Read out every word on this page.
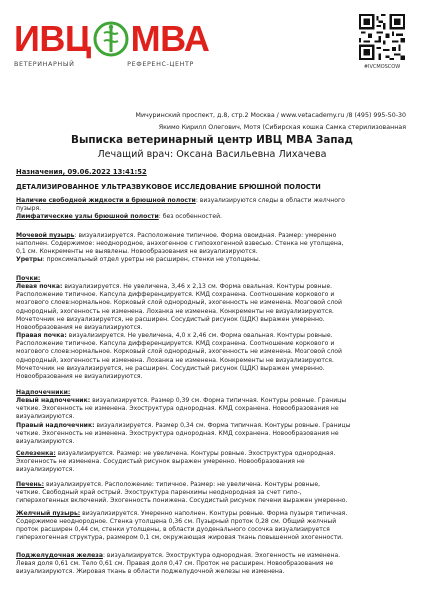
ИВЦ МВА
ВЕТЕРИНАРНЫЙ	РЕФЕРЕНС-ЦЕНТР	#IVCMOSCOW
Мичуринский проспект, д.8, стр.2 Москва / www.vetacademy.ru /8 (495) 995-50-30
Якимо Кирилл Олегович, Мотя (Сибирская кошка Самка стерилизованная
Выписка ветеринарный центр ИВЦ МВА Запад
Лечащий врач: Оксана Васильевна Лихачева
Назначения, 09.06.2022 13:41:52
ДЕТАЛИЗИРОВАННОЕ УЛЬТРАЗВУКОВОЕ ИССЛЕДОВАНИЕ БРЮШНОЙ ПОЛОСТИ
Наличие свободной жидкости в брюшной полости: визуализируются следы в области желчного
пузыря.
Лимфатические узлы брюшной полости: без особенностей.
Мочевой пузырь: визуализируется. Расположение типичное. Форма овоидная. Размер: умеренно
наполнен. Содержимое: неоднородное, анэхогенное с гипоэхогенной взвесью. Стенка не утолщена,
0,1 см. Конкременты не выявлены. Новообразования не визуализируются.
Уретры: проксимальный отдел уретры не расширен, стенки не утолщены.
Почки:
Левая почка: визуализируется. Не увеличена, 3,46 х 2,13 см. Форма овальная. Контуры ровные.
Расположение типичное. Капсула дифференцируется. КМД сохранена. Соотношение коркового и
мозгового слоев:нормальное. Корковый слой однородный, эхогенность не изменена. Мозговой слой
однородный, эхогенность не изменена. Лоханка не изменена. Конкременты не визуализируются.
Мочеточник не визуализируется, не расширен. Сосудистый рисунок (ЦДК) выражен умеренно.
Новообразования не визуализируются.
Правая почка: визуализируется. Не увеличена, 4,0 х 2,46 см. Форма овальная. Контуры ровные.
Расположение типичное. Капсула дифференцируется. КМД сохранена. Соотношение коркового и
мозгового слоев:нормальное. Корковый слой однородный, эхогенность не изменена. Мозговой слой
однородный, эхогенность не изменена. Лоханка не изменена. Конкременты не визуализируются.
Мочеточник не визуализируется, не расширен. Сосудистый рисунок (ЦДК) выражен умеренно.
Новообразования не визуализируются.
Надпочечники:
Левый надпочечник: визуализируется. Размер 0,39 см. Форма типичная. Контуры ровные. Границы
четкие. Эхогенность не изменена. Эхоструктура однородная. КМД сохранена. Новообразования не
визуализируются.
Правый надпочечник: визуализируется. Размер 0,34 см. Форма типичная. Контуры ровные. Границы
четкие. Эхогенность не изменена. Эхоструктура однородная. КМД сохранена. Новообразования не
визуализируются.
Селезенка: визуализируется. Размер: не увеличена. Контуры ровные. Эхоструктура однородная.
Эхогенность не изменена. Сосудистый рисунок выражен умеренно. Новообразования не
визуализируются.
Печень: визуализируется. Расположение: типичное. Размер: не увеличена. Контуры ровные,
четкие. Свободный край острый. Эхоструктура паренхимы неоднородная за счет гипо-,
гиперэхогенных включений. Эхогенность понижена. Сосудистый рисунок печени выражен умеренно.
Желчный пузырь: визуализируется. Умеренно наполнен. Контуры ровные. Форма пузыря типичная.
Содержимое неоднородное. Стенка утолщена 0,36 см. Пузырный проток 0,28 см. Общий желчный
проток расширен 0,44 см, стенки утолщены, в области дуоденального сосочка визуализируется
гиперэхогенная структура, размером 0,1 см, окружающая жировая ткань повышенной эхогенности.
Поджелудочная железа: визуализируется. Эхоструктура однородная. Эхогенность не изменена.
Левая доля 0,61 см. Тело 0,61 см. Правая доля 0,47 см. Проток не расширен. Новообразования не
визуализируются. Жировая ткань в области поджелудочной железы не изменена.
